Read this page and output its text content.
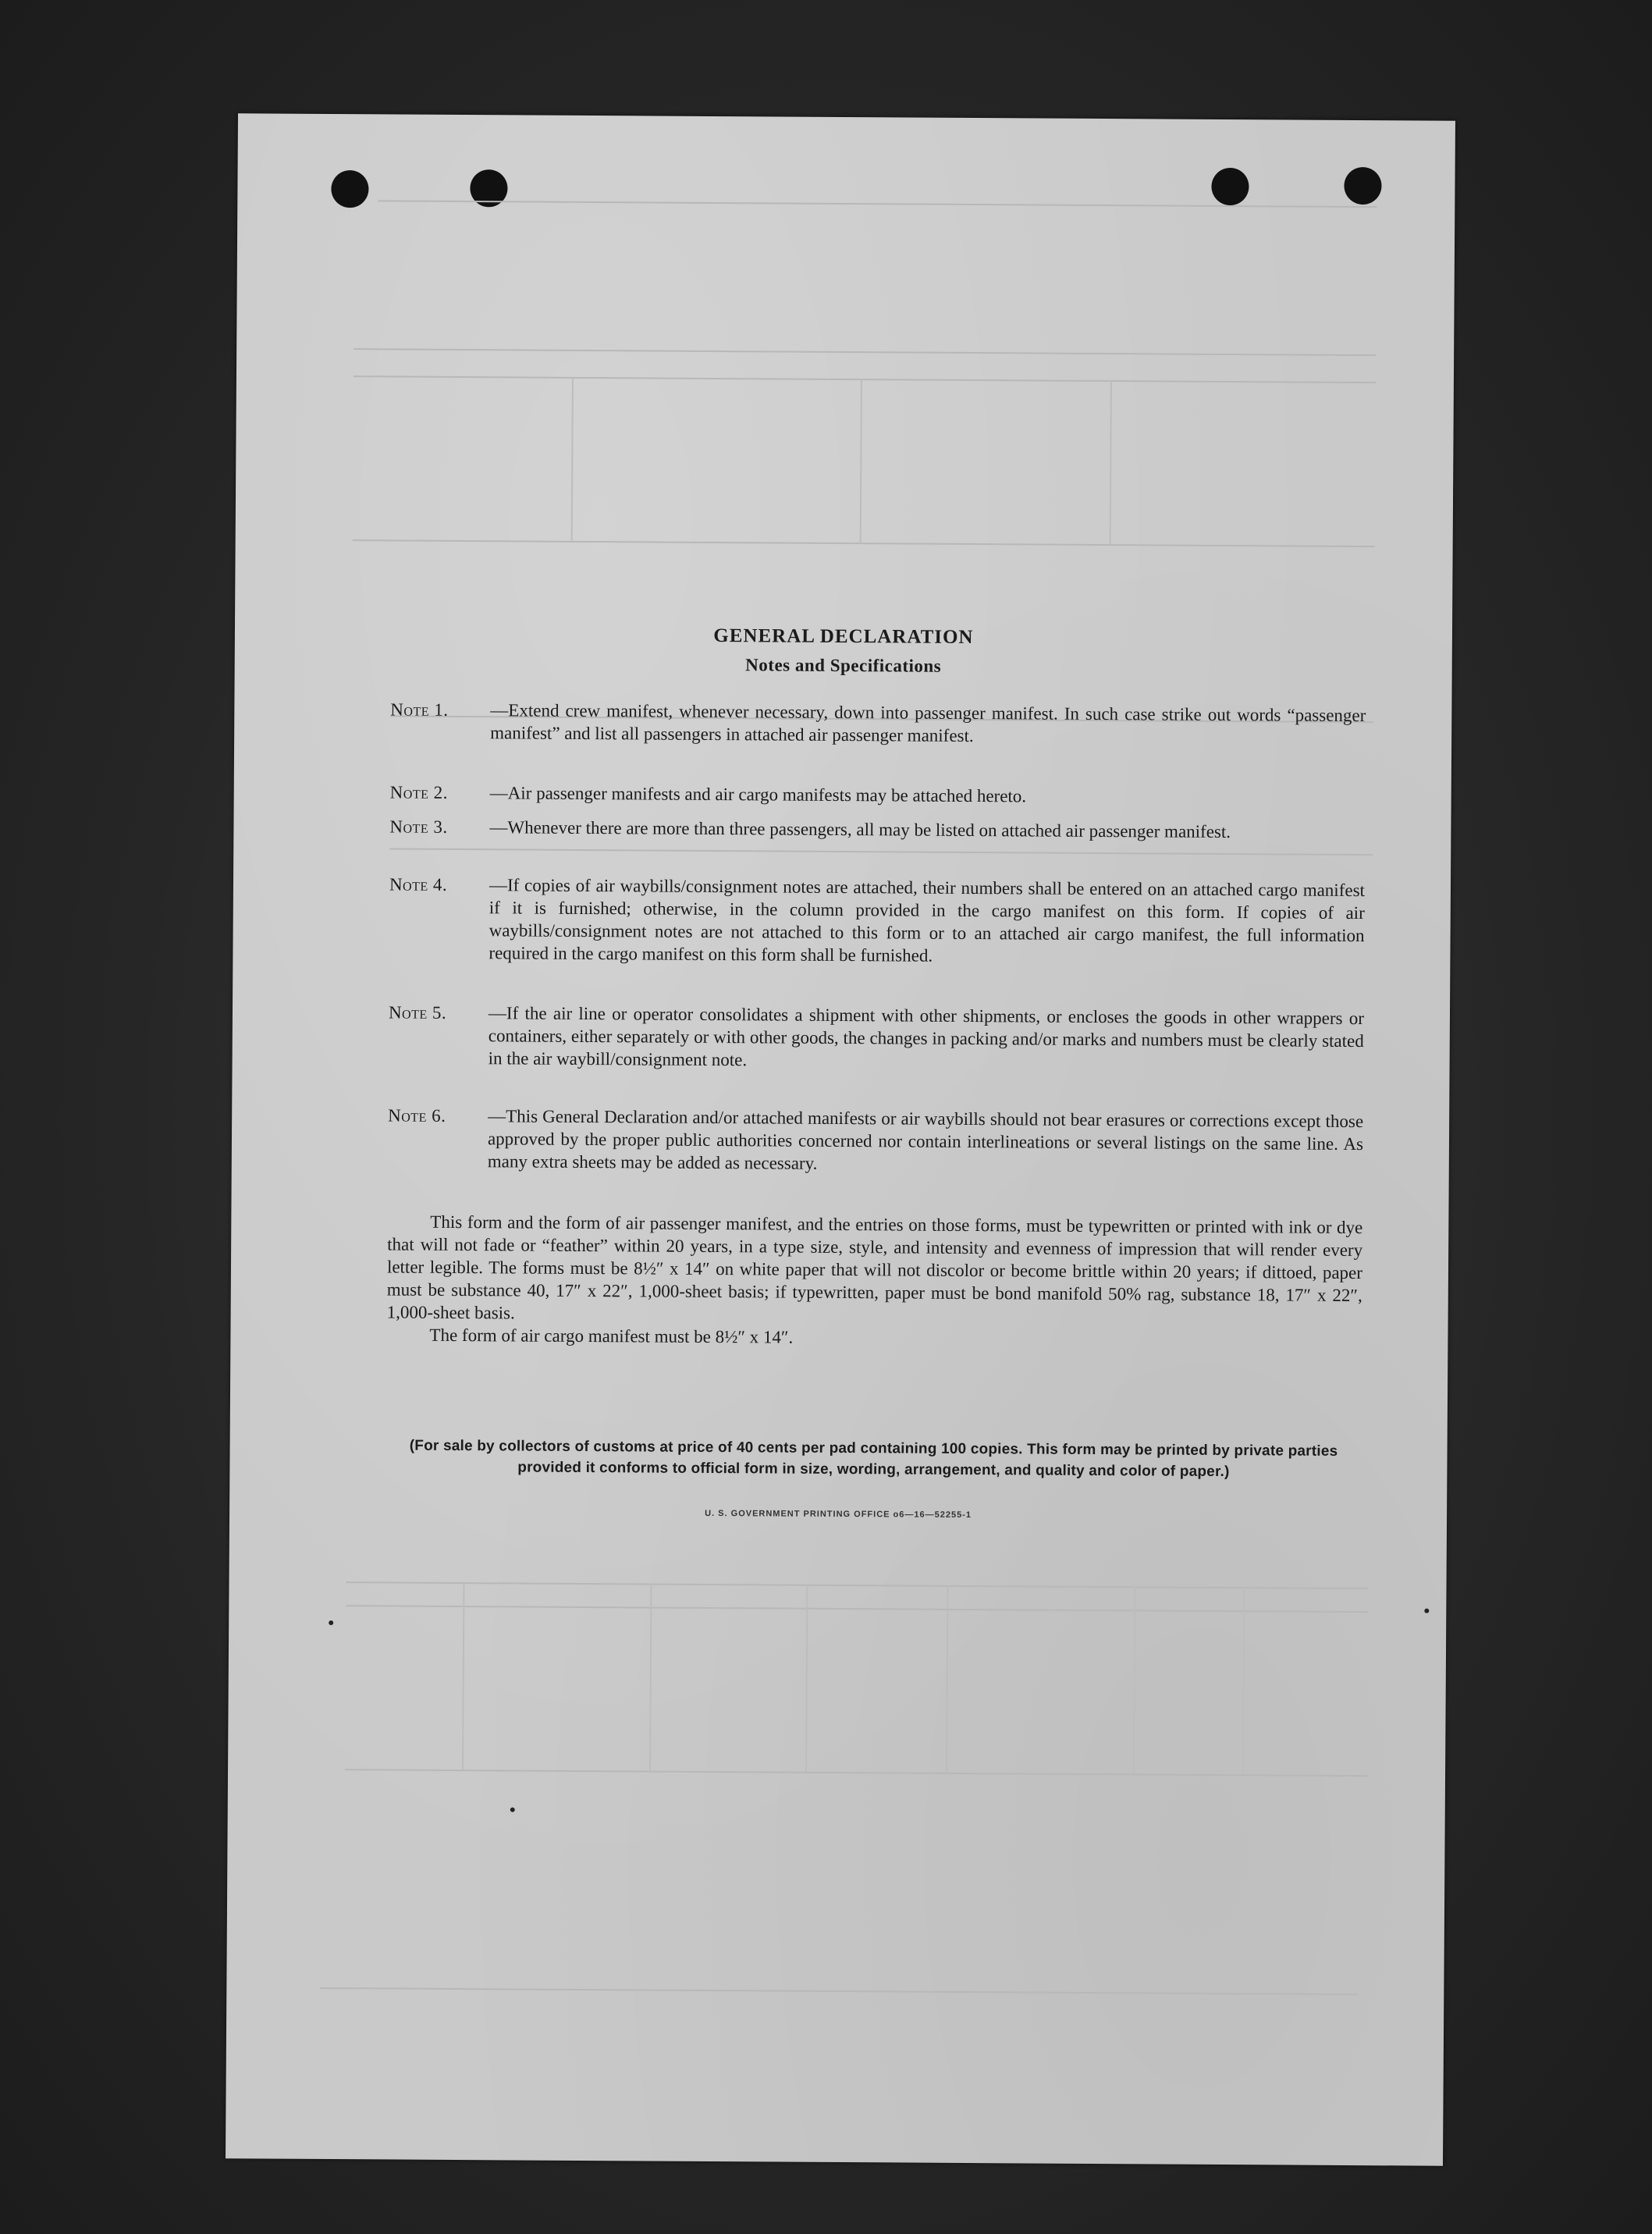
GENERAL DECLARATION
Notes and Specifications

Note 1.	—Extend crew manifest, whenever necessary, down into passenger manifest. In such case strike out words “passenger manifest” and list all passengers in attached air passenger manifest.

Note 2.	—Air passenger manifests and air cargo manifests may be attached hereto.

Note 3.	—Whenever there are more than three passengers, all may be listed on attached air passenger manifest.

Note 4.	—If copies of air waybills/consignment notes are attached, their numbers shall be entered on an attached cargo manifest if it is furnished; otherwise, in the column provided in the cargo manifest on this form. If copies of air waybills/consignment notes are not attached to this form or to an attached air cargo manifest, the full information required in the cargo manifest on this form shall be furnished.

Note 5.	—If the air line or operator consolidates a shipment with other shipments, or encloses the goods in other wrappers or containers, either separately or with other goods, the changes in packing and/or marks and numbers must be clearly stated in the air waybill/consignment note.

Note 6.	—This General Declaration and/or attached manifests or air waybills should not bear erasures or corrections except those approved by the proper public authorities concerned nor contain interlineations or several listings on the same line. As many extra sheets may be added as necessary.

This form and the form of air passenger manifest, and the entries on those forms, must be typewritten or printed with ink or dye that will not fade or “feather” within 20 years, in a type size, style, and intensity and evenness of impression that will render every letter legible. The forms must be 8½″ x 14″ on white paper that will not discolor or become brittle within 20 years; if dittoed, paper must be substance 40, 17″ x 22″, 1,000-sheet basis; if typewritten, paper must be bond manifold 50% rag, substance 18, 17″ x 22″, 1,000-sheet basis.

The form of air cargo manifest must be 8½″ x 14″.

(For sale by collectors of customs at price of 40 cents per pad containing 100 copies. This form may be printed by private parties provided it conforms to official form in size, wording, arrangement, and quality and color of paper.)
U. S. GOVERNMENT PRINTING OFFICE o6—16—52255-1
